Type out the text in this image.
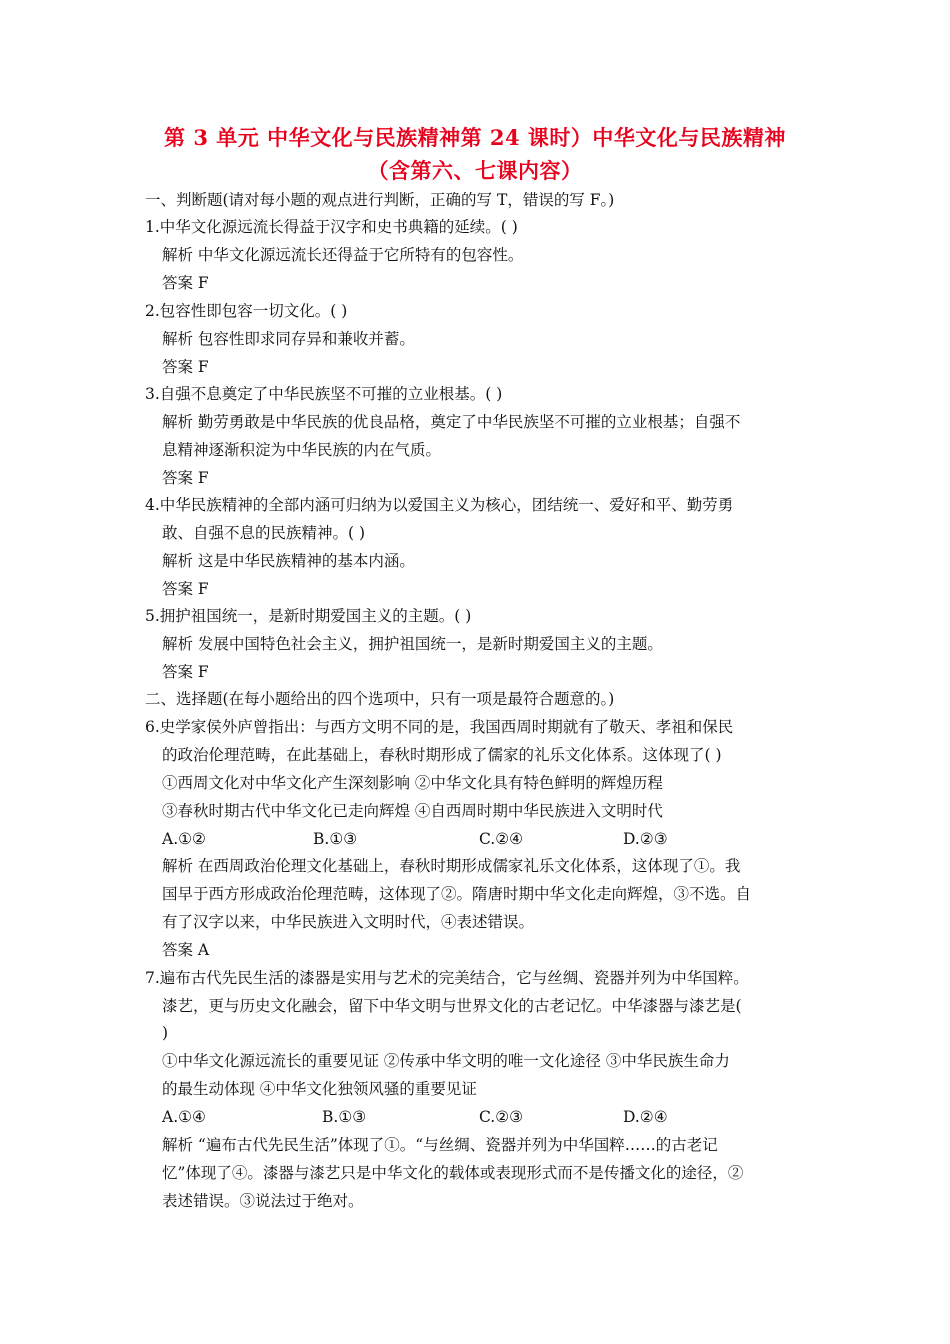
第 3 单元 中华文化与民族精神第 24 课时）中华文化与民族精神
（含第六、七课内容）
一、判断题(请对每小题的观点进行判断，正确的写 T，错误的写 F。)
1.中华文化源远流长得益于汉字和史书典籍的延续。( )
解析 中华文化源远流长还得益于它所特有的包容性。
答案 F
2.包容性即包容一切文化。( )
解析 包容性即求同存异和兼收并蓄。
答案 F
3.自强不息奠定了中华民族坚不可摧的立业根基。( )
解析 勤劳勇敢是中华民族的优良品格，奠定了中华民族坚不可摧的立业根基；自强不
息精神逐渐积淀为中华民族的内在气质。
答案 F
4.中华民族精神的全部内涵可归纳为以爱国主义为核心，团结统一、爱好和平、勤劳勇
敢、自强不息的民族精神。( )
解析 这是中华民族精神的基本内涵。
答案 F
5.拥护祖国统一，是新时期爱国主义的主题。( )
解析 发展中国特色社会主义，拥护祖国统一，是新时期爱国主义的主题。
答案 F
二、选择题(在每小题给出的四个选项中，只有一项是最符合题意的。)
6.史学家侯外庐曾指出：与西方文明不同的是，我国西周时期就有了敬天、孝祖和保民
的政治伦理范畴，在此基础上，春秋时期形成了儒家的礼乐文化体系。这体现了( )
①西周文化对中华文化产生深刻影响 ②中华文化具有特色鲜明的辉煌历程
③春秋时期古代中华文化已走向辉煌 ④自西周时期中华民族进入文明时代
A.①②	B.①③	C.②④	D.②③
解析 在西周政治伦理文化基础上，春秋时期形成儒家礼乐文化体系，这体现了①。我
国早于西方形成政治伦理范畴，这体现了②。隋唐时期中华文化走向辉煌，③不选。自
有了汉字以来，中华民族进入文明时代，④表述错误。
答案 A
7.遍布古代先民生活的漆器是实用与艺术的完美结合，它与丝绸、瓷器并列为中华国粹。
漆艺，更与历史文化融会，留下中华文明与世界文化的古老记忆。中华漆器与漆艺是(
)
①中华文化源远流长的重要见证 ②传承中华文明的唯一文化途径 ③中华民族生命力
的最生动体现 ④中华文化独领风骚的重要见证
A.①④	B.①③	C.②③	D.②④
解析 “遍布古代先民生活”体现了①。“与丝绸、瓷器并列为中华国粹……的古老记
忆”体现了④。漆器与漆艺只是中华文化的载体或表现形式而不是传播文化的途径，②
表述错误。③说法过于绝对。
